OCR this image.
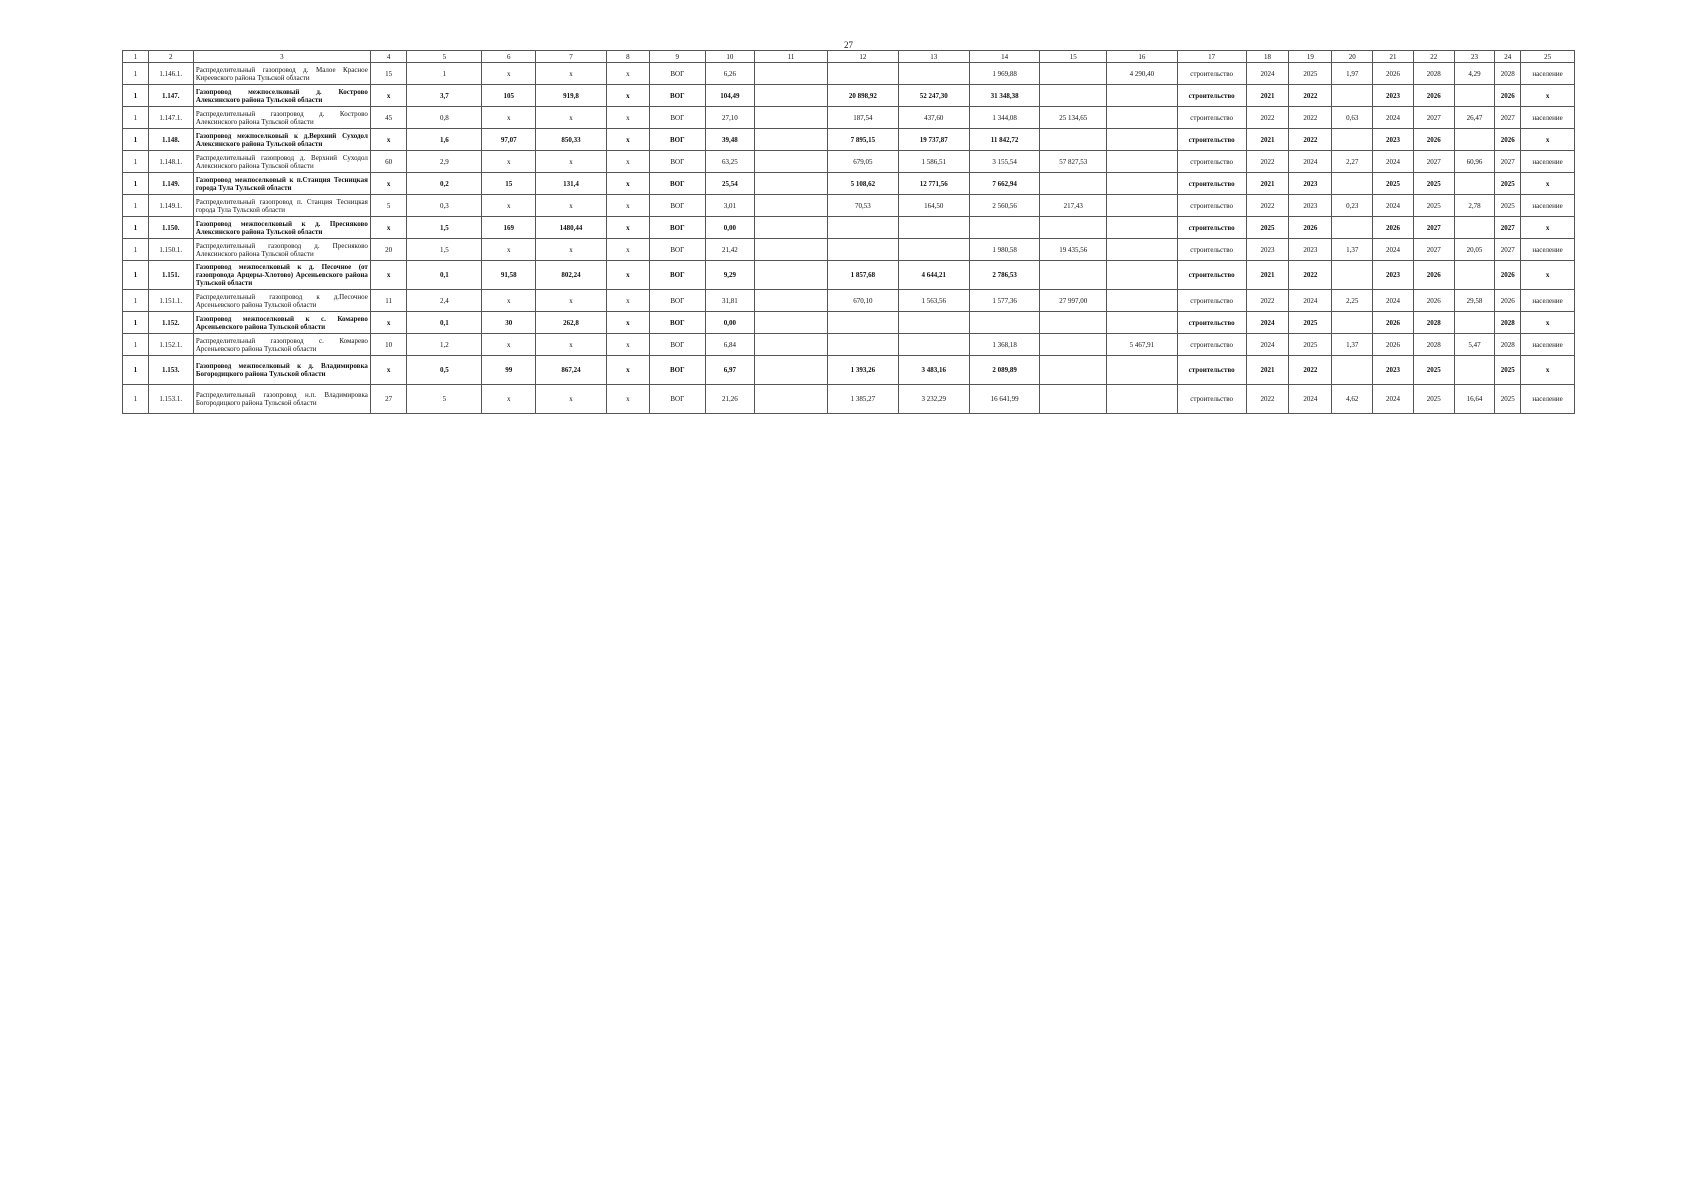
27
1	2	3	4	5	6	7	8	9	10	11	12	13	14	15	16	17	18	19	20	21	22	23	24	25
1	1.146.1.	Распределительный газопровод д. Малое Красное Киреевского района Тульской области	15	1	x	x	x	ВОГ	6,26				1 969,88		4 290,40	строительство	2024	2025	1,97	2026	2028	4,29	2028	население
1	1.147.	Газопровод межпоселковый д. Кострово Алексинского района Тульской области	x	3,7	105	919,8	x	ВОГ	104,49		20 898,92	52 247,30	31 348,38			строительство	2021	2022		2023	2026		2026	x
1	1.147.1.	Распределительный газопровод д. Кострово Алексинского района Тульской области	45	0,8	x	x	x	ВОГ	27,10		187,54	437,60	1 344,08	25 134,65		строительство	2022	2022	0,63	2024	2027	26,47	2027	население
1	1.148.	Газопровод межпоселковый к д.Верхний Суходол Алексинского района Тульской области	x	1,6	97,07	850,33	x	ВОГ	39,48		7 895,15	19 737,87	11 842,72			строительство	2021	2022		2023	2026		2026	x
1	1.148.1.	Распределительный газопровод д. Верхний Суходол Алексинского района Тульской области	60	2,9	x	x	x	ВОГ	63,25		679,05	1 586,51	3 155,54	57 827,53		строительство	2022	2024	2,27	2024	2027	60,96	2027	население
1	1.149.	Газопровод межпоселковый к п.Станция Тесницкая города Тула Тульской области	x	0,2	15	131,4	x	ВОГ	25,54		5 108,62	12 771,56	7 662,94			строительство	2021	2023		2025	2025		2025	x
1	1.149.1.	Распределительный газопровод п. Станция Тесницкая города Тула Тульской области	5	0,3	x	x	x	ВОГ	3,01		70,53	164,50	2 560,56	217,43		строительство	2022	2023	0,23	2024	2025	2,78	2025	население
1	1.150.	Газопровод межпоселковый к д. Пресняково Алексинского района Тульской области	x	1,5	169	1480,44	x	ВОГ	0,00							строительство	2025	2026		2026	2027		2027	x
1	1.150.1.	Распределительный газопровод д. Пресняково Алексинского района Тульской области	20	1,5	x	x	x	ВОГ	21,42				1 980,58	19 435,56		строительство	2023	2023	1,37	2024	2027	20,05	2027	население
1	1.151.	Газопровод межпоселковый к д. Песочное (от газопровода Арцеры-Хлотово) Арсеньевского района Тульской области	x	0,1	91,58	802,24	x	ВОГ	9,29		1 857,68	4 644,21	2 786,53			строительство	2021	2022		2023	2026		2026	x
1	1.151.1.	Распределительный газопровод к д.Песочное Арсеньевского района Тульской области	11	2,4	x	x	x	ВОГ	31,81		670,10	1 563,56	1 577,36	27 997,00		строительство	2022	2024	2,25	2024	2026	29,58	2026	население
1	1.152.	Газопровод межпоселковый к с. Комарево Арсеньевского района Тульской области	x	0,1	30	262,8	x	ВОГ	0,00							строительство	2024	2025		2026	2028		2028	x
1	1.152.1.	Распределительный газопровод с. Комарево Арсеньевского района Тульской области	10	1,2	x	x	x	ВОГ	6,84				1 368,18		5 467,91	строительство	2024	2025	1,37	2026	2028	5,47	2028	население
1	1.153.	Газопровод межпоселковый к д. Владимировка Богородицкого района Тульской области	x	0,5	99	867,24	x	ВОГ	6,97		1 393,26	3 483,16	2 089,89			строительство	2021	2022		2023	2025		2025	x
1	1.153.1.	Распределительный газопровод н.п. Владимировка Богородицкого района Тульской области	27	5	x	x	x	ВОГ	21,26		1 385,27	3 232,29	16 641,99			строительство	2022	2024	4,62	2024	2025	16,64	2025	население
